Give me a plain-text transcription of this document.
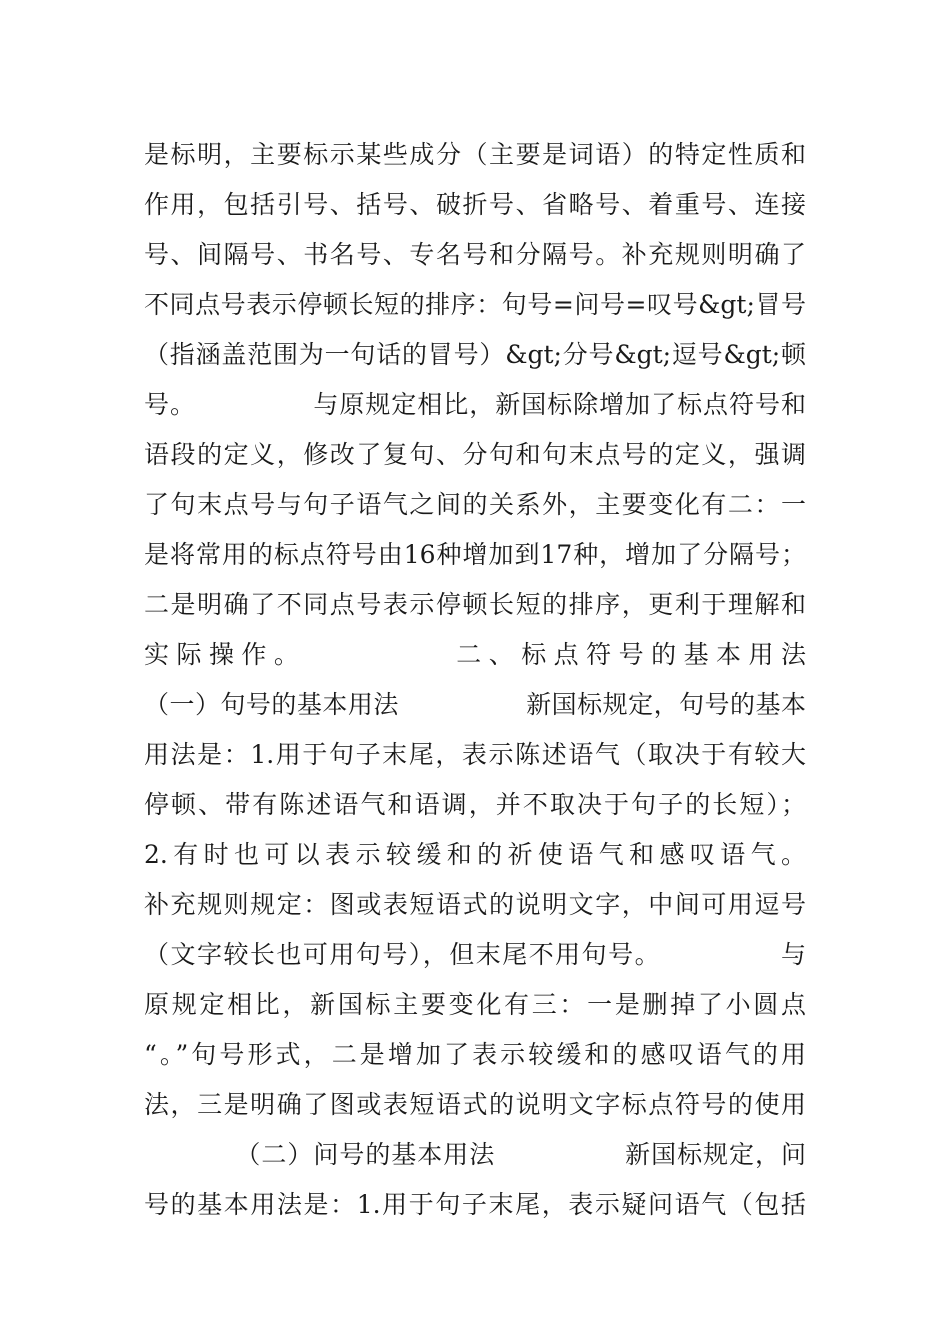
是标明，主要标示某些成分（主要是词语）的特定性质和
作用，包括引号、括号、破折号、省略号、着重号、连接
号、间隔号、书名号、专名号和分隔号。补充规则明确了
不同点号表示停顿长短的排序：句号=问号=叹号&gt;冒号
（指涵盖范围为一句话的冒号）&gt;分号&gt;逗号&gt;顿
号。　　　　　与原规定相比，新国标除增加了标点符号和
语段的定义，修改了复句、分句和句末点号的定义，强调
了句末点号与句子语气之间的关系外，主要变化有二：一
是将常用的标点符号由16种增加到17种，增加了分隔号；
二是明确了不同点号表示停顿长短的排序，更利于理解和
实际操作。　　　　　二、标点符号的基本用法
（一）句号的基本用法　　　　　新国标规定，句号的基本
用法是：1.用于句子末尾，表示陈述语气（取决于有较大
停顿、带有陈述语气和语调，并不取决于句子的长短）；
2.有时也可以表示较缓和的祈使语气和感叹语气。
补充规则规定：图或表短语式的说明文字，中间可用逗号
（文字较长也可用句号），但末尾不用句号。　　　　　与
原规定相比，新国标主要变化有三：一是删掉了小圆点
“。”句号形式，二是增加了表示较缓和的感叹语气的用
法，三是明确了图或表短语式的说明文字标点符号的使用
　　　　（二）问号的基本用法　　　　　新国标规定，问
号的基本用法是：1.用于句子末尾，表示疑问语气（包括
